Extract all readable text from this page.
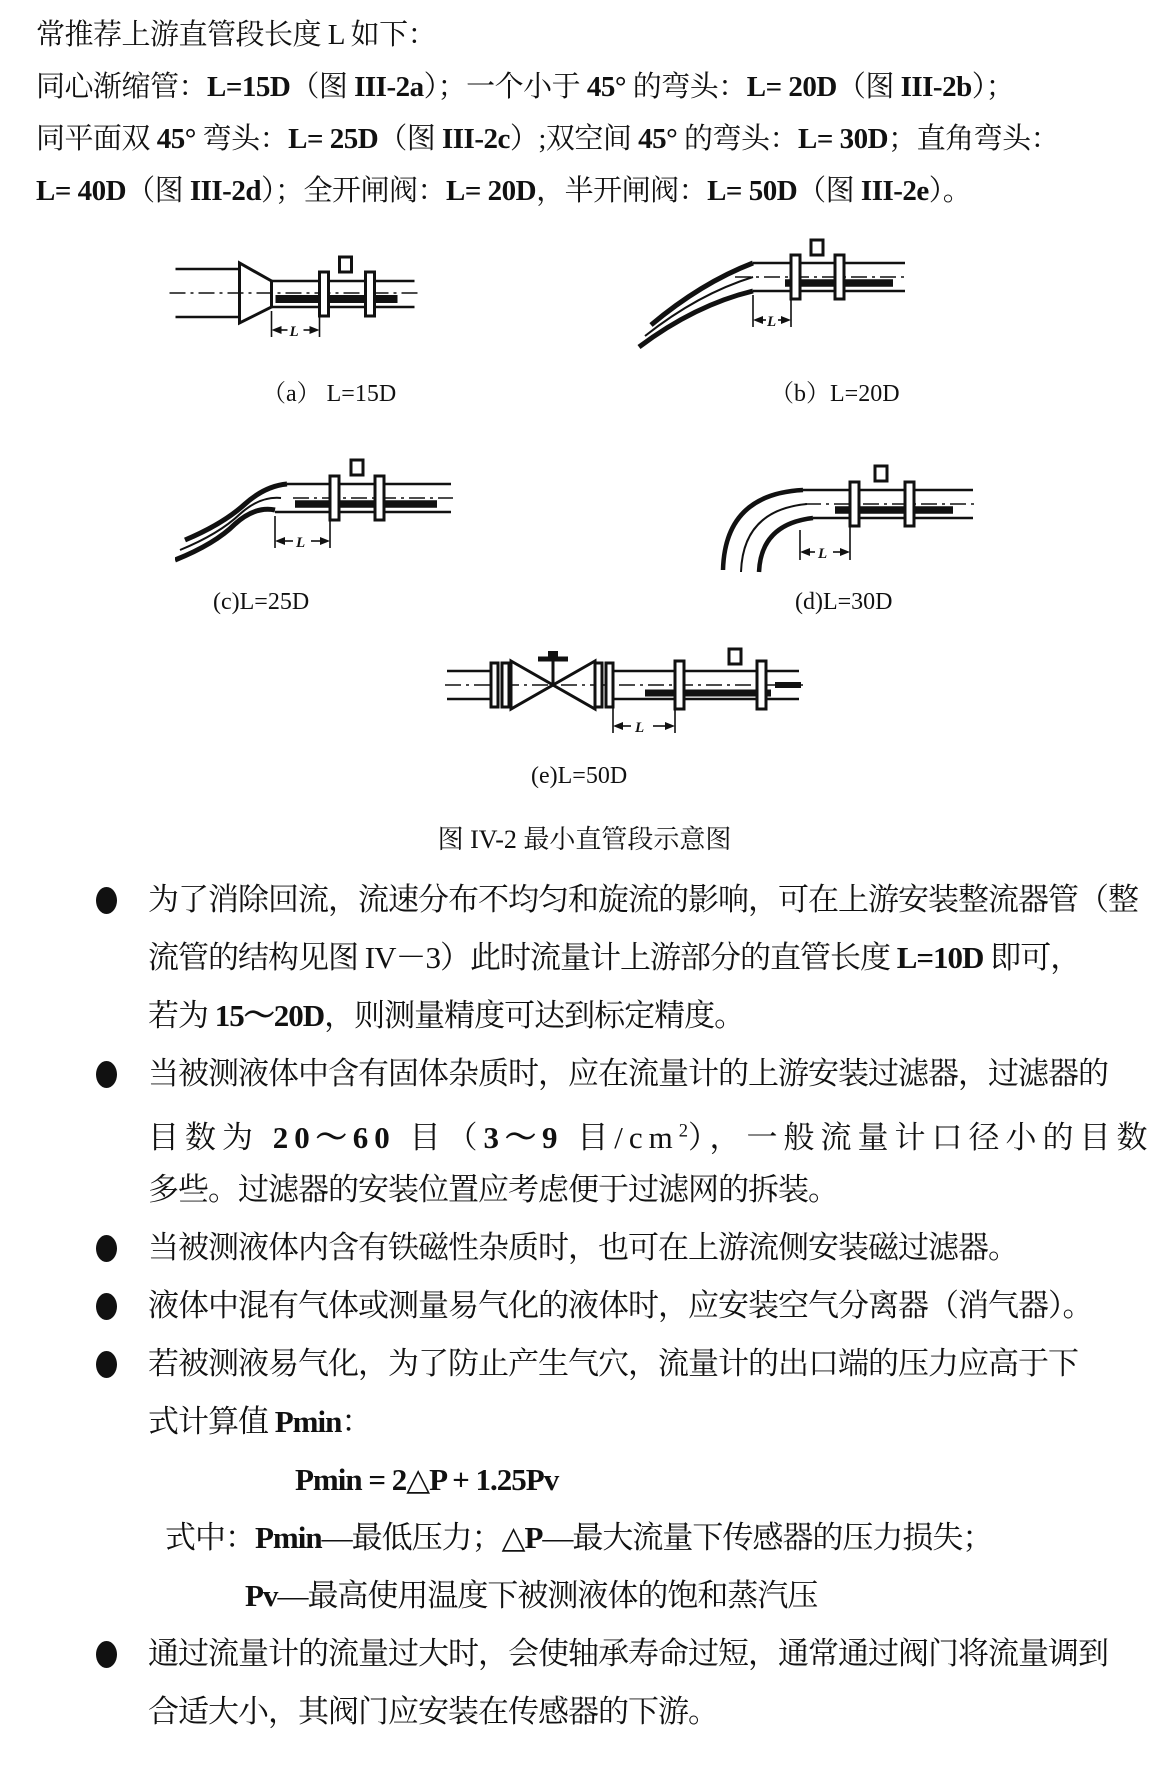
常推荐上游直管段长度 L 如下：
同心渐缩管：L=15D（图 III-2a）；一个小于 45° 的弯头：L= 20D（图 III-2b）；
同平面双 45° 弯头：L= 25D（图 III-2c）;双空间 45° 的弯头：L= 30D；直角弯头：
L= 40D（图 III-2d）；全开闸阀：L= 20D，半开闸阀：L= 50D（图 III-2e）。
L
L
L
L
L
（a） L=15D	（b）L=20D
(c)L=25D	(d)L=30D
(e)L=50D
图 IV-2 最小直管段示意图
为了消除回流，流速分布不均匀和旋流的影响，可在上游安装整流器管（整
流管的结构见图 IV－3）此时流量计上游部分的直管长度 L=10D 即可，
若为 15～20D，则测量精度可达到标定精度。
当被测液体中含有固体杂质时，应在流量计的上游安装过滤器，过滤器的
目数为 20～60 目（3～9 目$/cm^2$），一般流量计口径小的目数
多些。过滤器的安装位置应考虑便于过滤网的拆装。
当被测液体内含有铁磁性杂质时，也可在上游流侧安装磁过滤器。
液体中混有气体或测量易气化的液体时，应安装空气分离器（消气器）。
若被测液易气化，为了防止产生气穴，流量计的出口端的压力应高于下
式计算值 Pmin：
Pmin = 2△P + 1.25Pv
式中：Pmin—最低压力；△P—最大流量下传感器的压力损失；
Pv—最高使用温度下被测液体的饱和蒸汽压
通过流量计的流量过大时，会使轴承寿命过短，通常通过阀门将流量调到
合适大小，其阀门应安装在传感器的下游。
